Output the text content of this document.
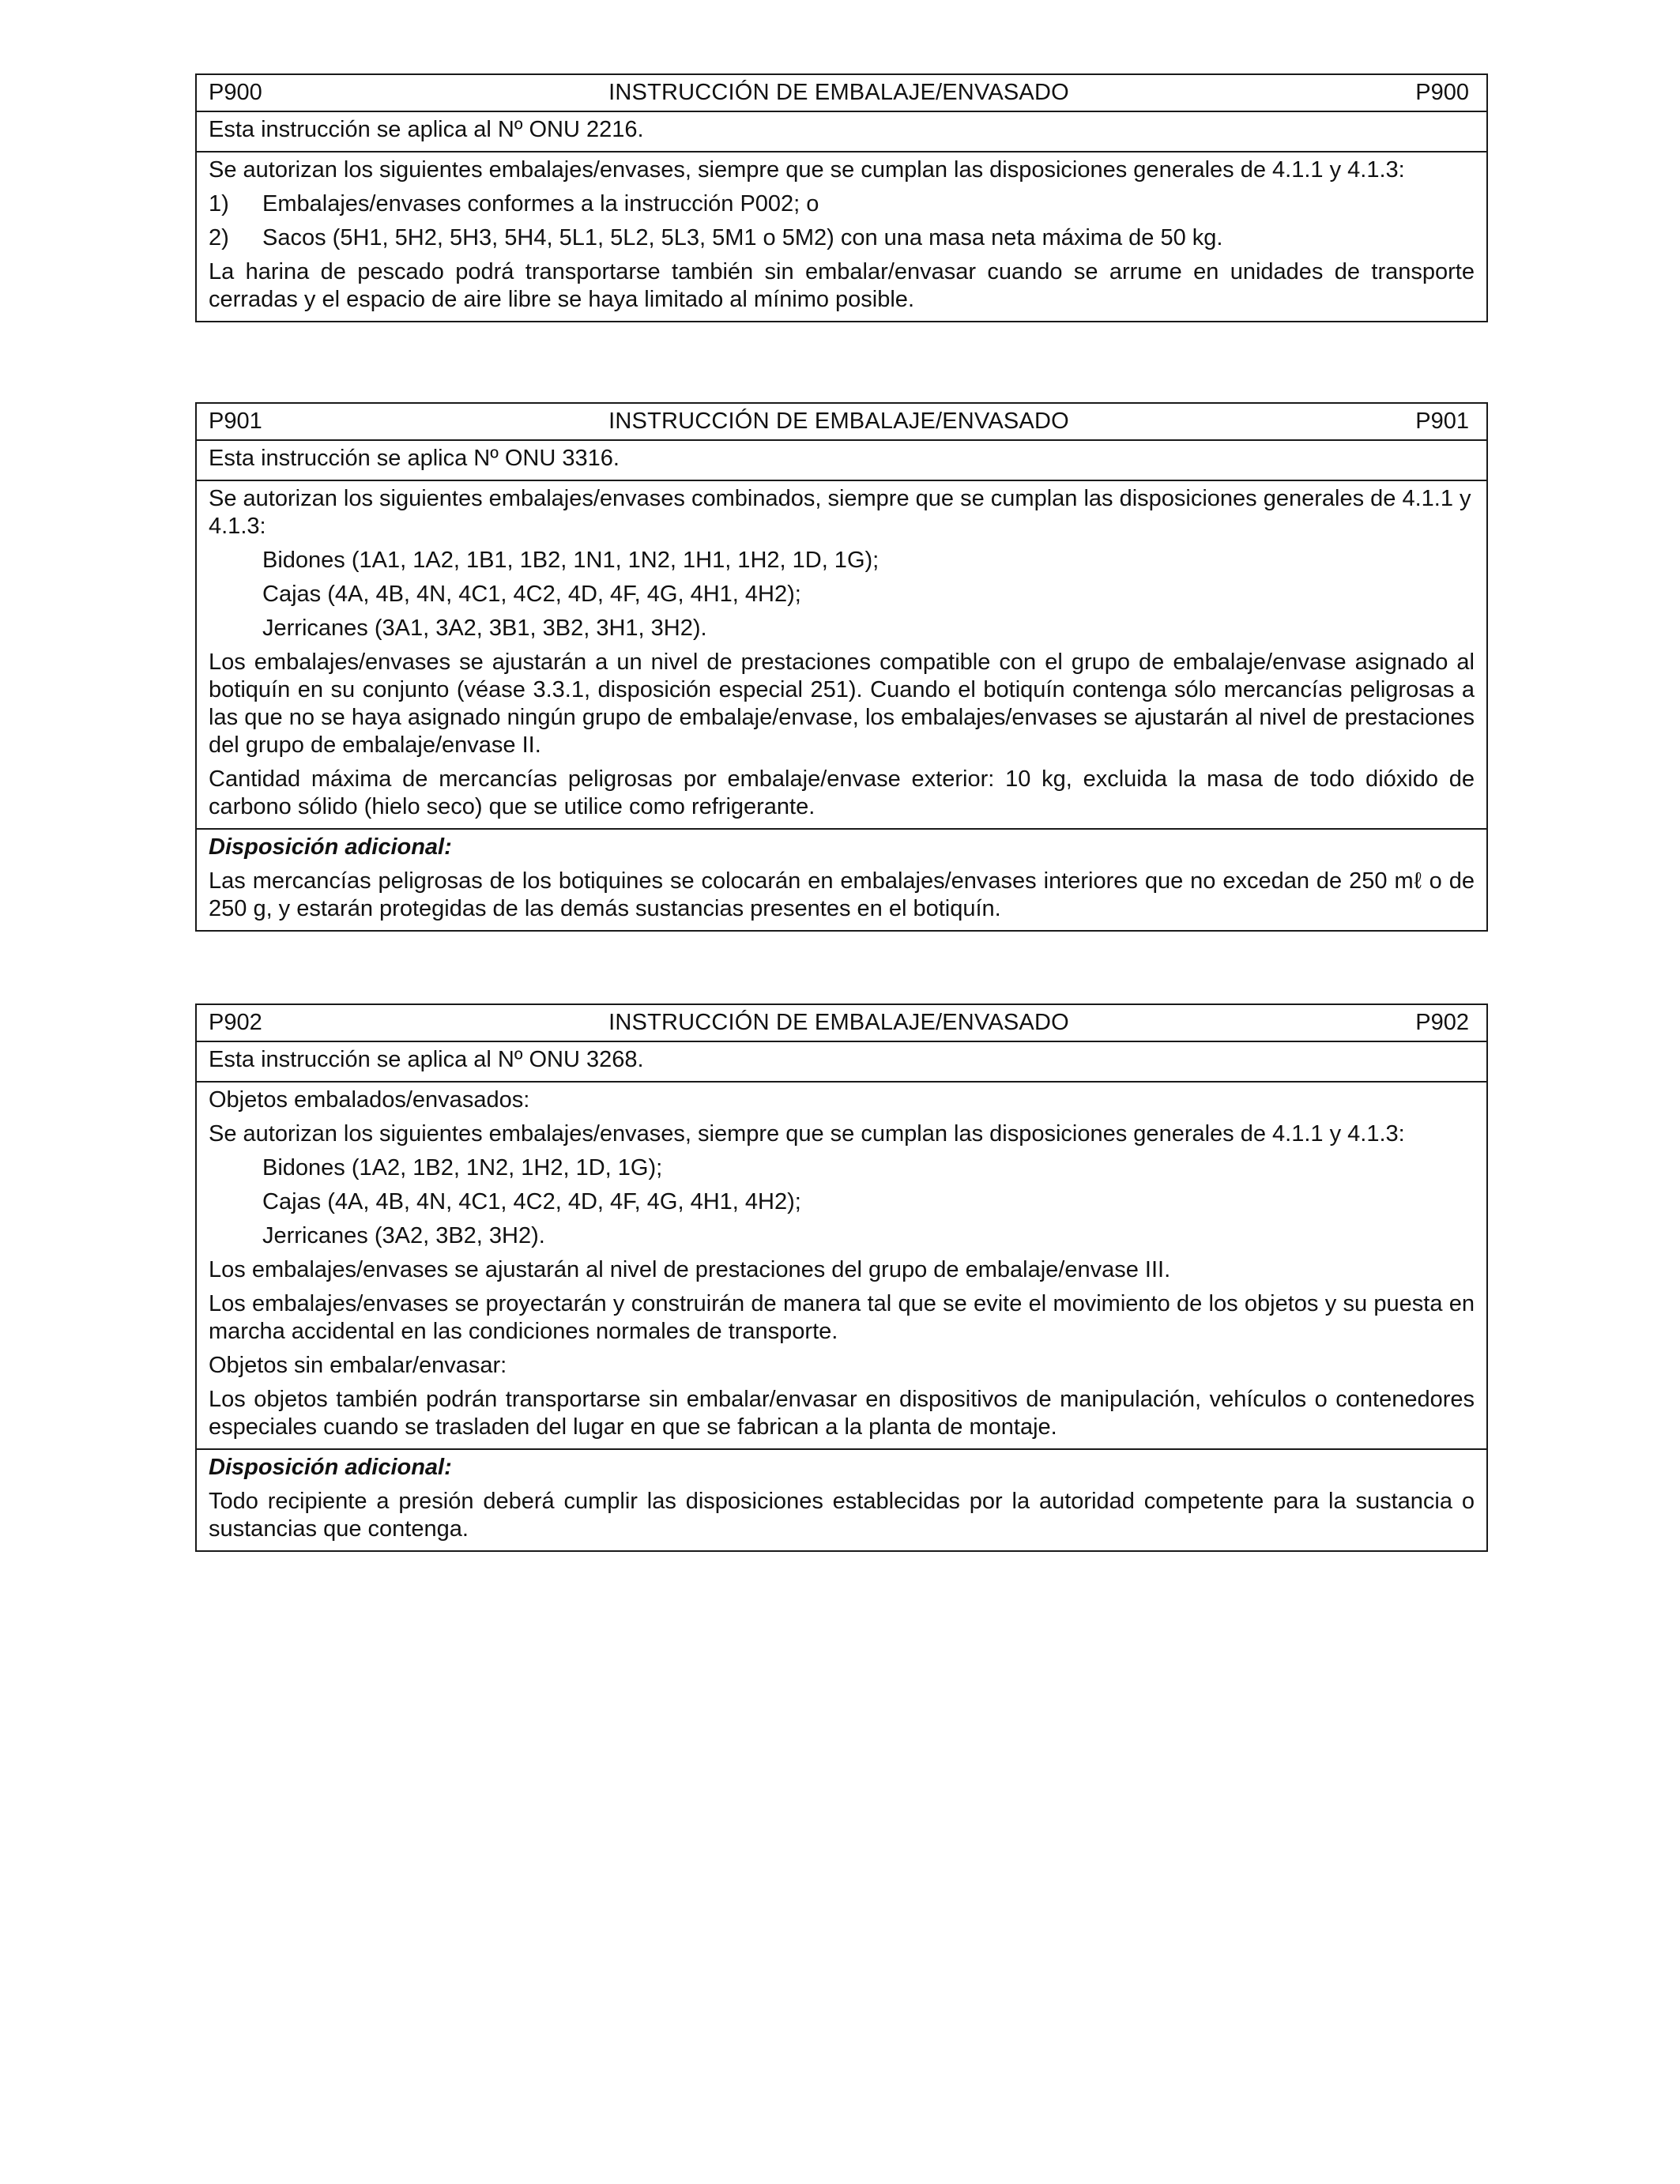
P900	INSTRUCCIÓN DE EMBALAJE/ENVASADO	P900

Esta instrucción se aplica al Nº ONU 2216.

Se autorizan los siguientes embalajes/envases, siempre que se cumplan las disposiciones generales de 4.1.1 y 4.1.3:

1)	Embalajes/envases conformes a la instrucción P002; o
2)	Sacos (5H1, 5H2, 5H3, 5H4, 5L1, 5L2, 5L3, 5M1 o 5M2) con una masa neta máxima de 50 kg.

La harina de pescado podrá transportarse también sin embalar/envasar cuando se arrume en unidades de transporte cerradas y el espacio de aire libre se haya limitado al mínimo posible.

P901	INSTRUCCIÓN DE EMBALAJE/ENVASADO	P901

Esta instrucción se aplica Nº ONU 3316.

Se autorizan los siguientes embalajes/envases combinados, siempre que se cumplan las disposiciones generales de 4.1.1 y 4.1.3:

Bidones (1A1, 1A2, 1B1, 1B2, 1N1, 1N2, 1H1, 1H2, 1D, 1G);

Cajas (4A, 4B, 4N, 4C1, 4C2, 4D, 4F, 4G, 4H1, 4H2);

Jerricanes (3A1, 3A2, 3B1, 3B2, 3H1, 3H2).

Los embalajes/envases se ajustarán a un nivel de prestaciones compatible con el grupo de embalaje/envase asignado al botiquín en su conjunto (véase 3.3.1, disposición especial 251). Cuando el botiquín contenga sólo mercancías peligrosas a las que no se haya asignado ningún grupo de embalaje/envase, los embalajes/envases se ajustarán al nivel de prestaciones del grupo de embalaje/envase II.

Cantidad máxima de mercancías peligrosas por embalaje/envase exterior: 10 kg, excluida la masa de todo dióxido de carbono sólido (hielo seco) que se utilice como refrigerante.

Disposición adicional:

Las mercancías peligrosas de los botiquines se colocarán en embalajes/envases interiores que no excedan de 250 mℓ o de 250 g, y estarán protegidas de las demás sustancias presentes en el botiquín.

P902	INSTRUCCIÓN DE EMBALAJE/ENVASADO	P902

Esta instrucción se aplica al Nº ONU 3268.

Objetos embalados/envasados:

Se autorizan los siguientes embalajes/envases, siempre que se cumplan las disposiciones generales de 4.1.1 y 4.1.3:

Bidones (1A2, 1B2, 1N2, 1H2, 1D, 1G);

Cajas (4A, 4B, 4N, 4C1, 4C2, 4D, 4F, 4G, 4H1, 4H2);

Jerricanes (3A2, 3B2, 3H2).

Los embalajes/envases se ajustarán al nivel de prestaciones del grupo de embalaje/envase III.

Los embalajes/envases se proyectarán y construirán de manera tal que se evite el movimiento de los objetos y su puesta en marcha accidental en las condiciones normales de transporte.

Objetos sin embalar/envasar:

Los objetos también podrán transportarse sin embalar/envasar en dispositivos de manipulación, vehículos o contenedores especiales cuando se trasladen del lugar en que se fabrican a la planta de montaje.

Disposición adicional:

Todo recipiente a presión deberá cumplir las disposiciones establecidas por la autoridad competente para la sustancia o sustancias que contenga.
